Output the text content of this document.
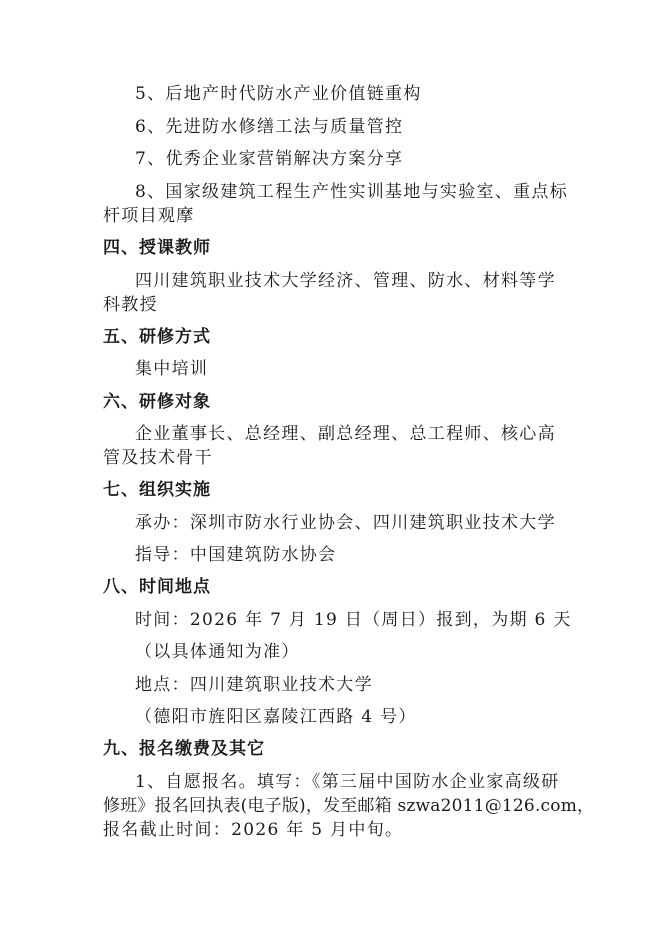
5、后地产时代防水产业价值链重构
6、先进防水修缮工法与质量管控
7、优秀企业家营销解决方案分享
8、国家级建筑工程生产性实训基地与实验室、重点标
杆项目观摩
四、授课教师
四川建筑职业技术大学经济、管理、防水、材料等学
科教授
五、研修方式
集中培训
六、研修对象
企业董事长、总经理、副总经理、总工程师、核心高
管及技术骨干
七、组织实施
承办：深圳市防水行业协会、四川建筑职业技术大学
指导：中国建筑防水协会
八、时间地点
时间：2026 年 7 月 19 日（周日）报到，为期 6 天
（以具体通知为准）
地点：四川建筑职业技术大学
（德阳市旌阳区嘉陵江西路 4 号）
九、报名缴费及其它
1、自愿报名。填写：《第三届中国防水企业家高级研
修班》报名回执表(电子版)，发至邮箱 szwa2011@126.com，
报名截止时间：2026 年 5 月中旬。
